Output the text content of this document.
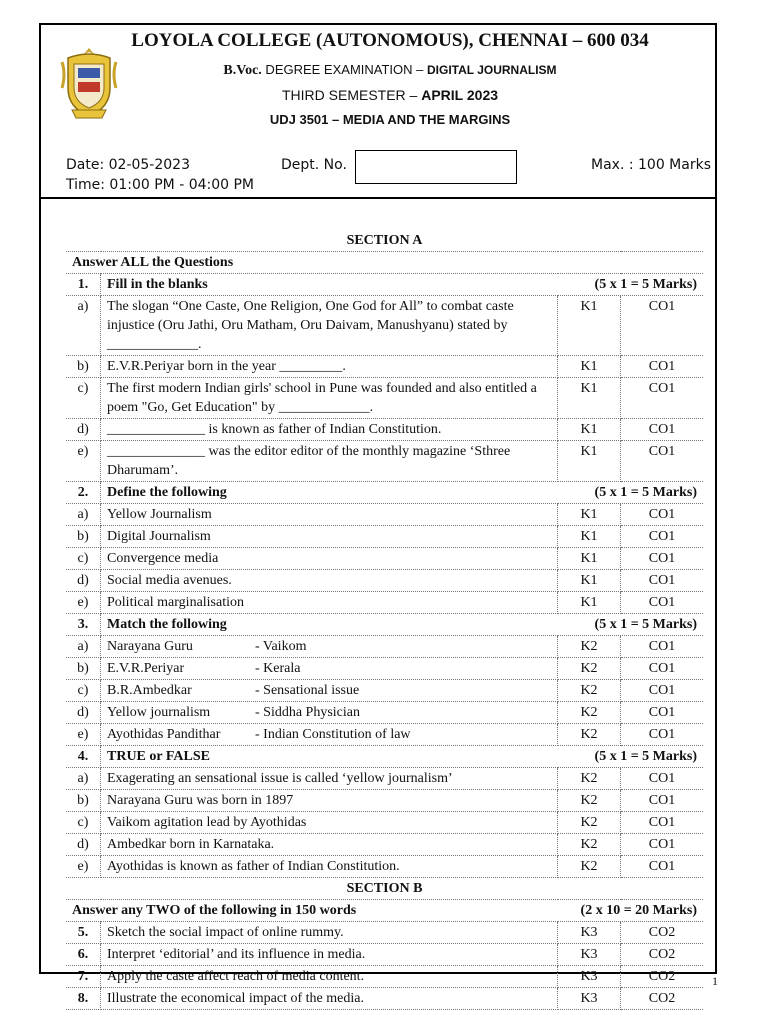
LOYOLA COLLEGE (AUTONOMOUS), CHENNAI – 600 034
B.Voc. DEGREE EXAMINATION – DIGITAL JOURNALISM
THIRD SEMESTER – APRIL 2023
UDJ 3501 – MEDIA AND THE MARGINS
Date: 02-05-2023	Dept. No.	Max. : 100 Marks
Time: 01:00 PM - 04:00 PM
SECTION A			
Answer ALL the Questions			
1.	Fill in the blanks	(5 x 1 = 5 Marks)	
a)	The slogan “One Caste, One Religion, One God for All” to combat caste injustice (Oru Jathi, Oru Matham, Oru Daivam, Manushyanu) stated by _____________.	K1	CO1
b)	E.V.R.Periyar born in the year _________.	K1	CO1
c)	The first modern Indian girls' school in Pune was founded and also entitled a poem "Go, Get Education" by _____________.	K1	CO1
d)	______________ is known as father of Indian Constitution.	K1	CO1
e)	______________ was the editor editor of the monthly magazine ‘Sthree Dharumam’.	K1	CO1
2.	Define the following	(5 x 1 = 5 Marks)	
a)	Yellow Journalism	K1	CO1
b)	Digital Journalism	K1	CO1
c)	Convergence media	K1	CO1
d)	Social media avenues.	K1	CO1
e)	Political marginalisation	K1	CO1
3.	Match the following	(5 x 1 = 5 Marks)	
a)	Narayana Guru - Vaikom	K2	CO1
b)	E.V.R.Periyar - Kerala	K2	CO1
c)	B.R.Ambedkar - Sensational issue	K2	CO1
d)	Yellow journalism - Siddha Physician	K2	CO1
e)	Ayothidas Pandithar - Indian Constitution of law	K2	CO1
4.	TRUE or FALSE	(5 x 1 = 5 Marks)	
a)	Exagerating an sensational issue is called ‘yellow journalism’	K2	CO1
b)	Narayana Guru was born in 1897	K2	CO1
c)	Vaikom agitation lead by Ayothidas	K2	CO1
d)	Ambedkar born in Karnataka.	K2	CO1
e)	Ayothidas is known as father of Indian Constitution.	K2	CO1
SECTION B			
Answer any TWO of the following in 150 words		(2 x 10 = 20 Marks)	
5.	Sketch the social impact of online rummy.	K3	CO2
6.	Interpret ‘editorial’ and its influence in media.	K3	CO2
7.	Apply the caste affect reach of media content.	K3	CO2
8.	Illustrate the economical impact of the media.	K3	CO2
1
